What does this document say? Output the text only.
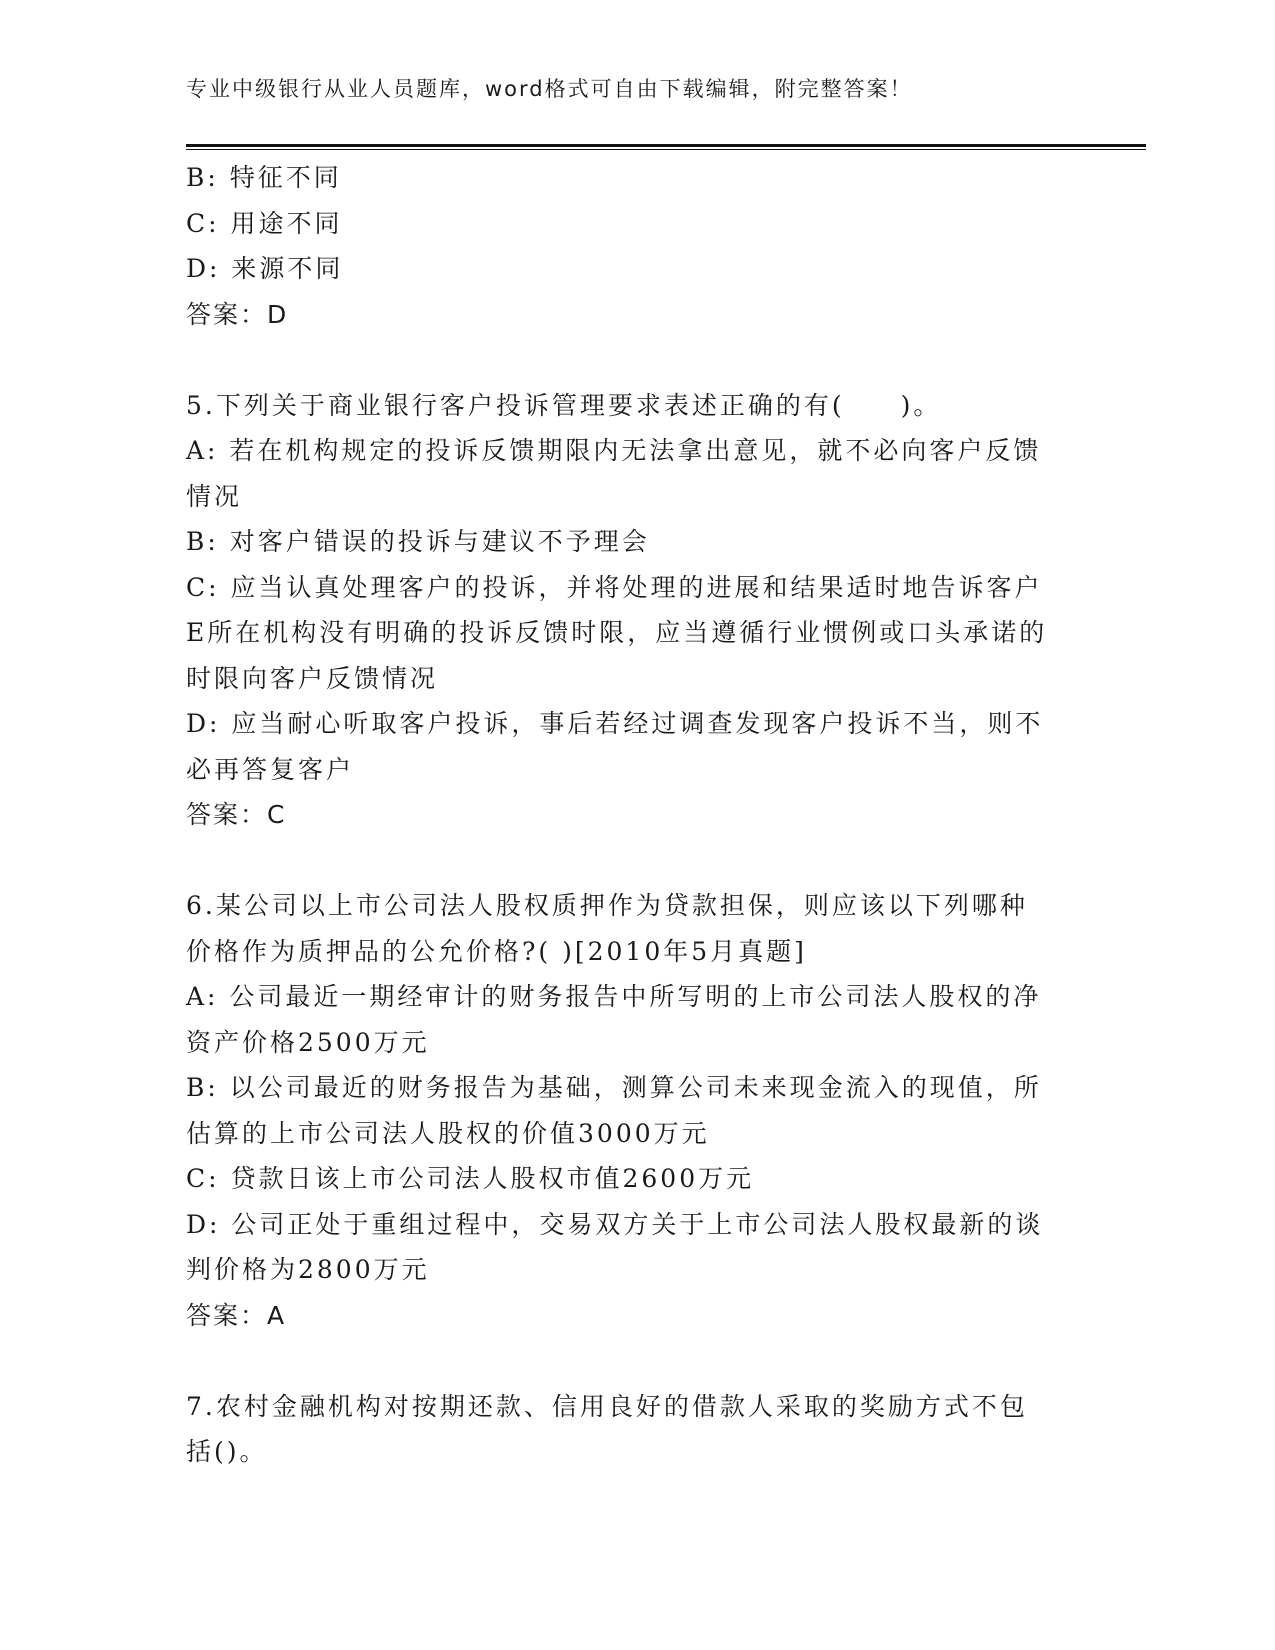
专业中级银行从业人员题库，word格式可自由下载编辑，附完整答案！
B: 特征不同
C: 用途不同
D: 来源不同
答案：D
5.下列关于商业银行客户投诉管理要求表述正确的有(　　)。
A: 若在机构规定的投诉反馈期限内无法拿出意见，就不必向客户反馈
情况
B: 对客户错误的投诉与建议不予理会
C: 应当认真处理客户的投诉，并将处理的进展和结果适时地告诉客户
E所在机构没有明确的投诉反馈时限，应当遵循行业惯例或口头承诺的
时限向客户反馈情况
D: 应当耐心听取客户投诉，事后若经过调查发现客户投诉不当，则不
必再答复客户
答案：C
6.某公司以上市公司法人股权质押作为贷款担保，则应该以下列哪种
价格作为质押品的公允价格?( )[2010年5月真题]
A: 公司最近一期经审计的财务报告中所写明的上市公司法人股权的净
资产价格2500万元
B: 以公司最近的财务报告为基础，测算公司未来现金流入的现值，所
估算的上市公司法人股权的价值3000万元
C: 贷款日该上市公司法人股权市值2600万元
D: 公司正处于重组过程中，交易双方关于上市公司法人股权最新的谈
判价格为2800万元
答案：A
7.农村金融机构对按期还款、信用良好的借款人采取的奖励方式不包
括()。
